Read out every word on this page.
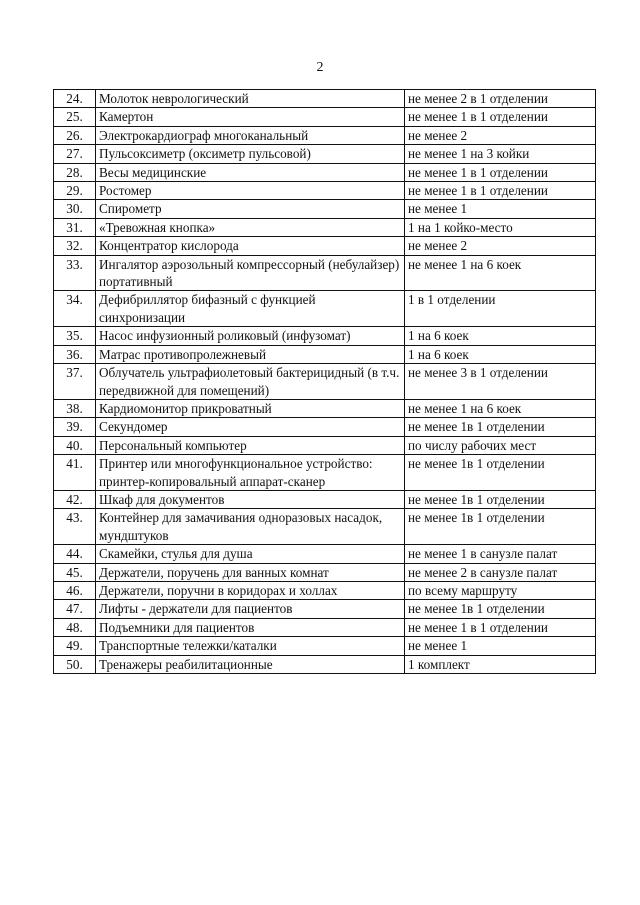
2
24.	Молоток неврологический	не менее 2 в 1 отделении
25.	Камертон	не менее 1 в 1 отделении
26.	Электрокардиограф многоканальный	не менее 2
27.	Пульсоксиметр (оксиметр пульсовой)	не менее 1 на 3 койки
28.	Весы медицинские	не менее 1 в 1 отделении
29.	Ростомер	не менее 1 в 1 отделении
30.	Спирометр	не менее 1
31.	«Тревожная кнопка»	1 на 1 койко-место
32.	Концентратор кислорода	не менее 2
33.	Ингалятор аэрозольный компрессорный (небулайзер) портативный	не менее 1 на 6 коек
34.	Дефибриллятор бифазный с функцией синхронизации	1 в 1 отделении
35.	Насос инфузионный роликовый (инфузомат)	1 на 6 коек
36.	Матрас противопролежневый	1 на 6 коек
37.	Облучатель ультрафиолетовый бактерицидный (в т.ч. передвижной для помещений)	не менее 3 в 1 отделении
38.	Кардиомонитор прикроватный	не менее 1 на 6 коек
39.	Секундомер	не менее 1в 1 отделении
40.	Персональный компьютер	по числу рабочих мест
41.	Принтер или многофункциональное устройство: принтер-копировальный аппарат-сканер	не менее 1в 1 отделении
42.	Шкаф для документов	не менее 1в 1 отделении
43.	Контейнер для замачивания одноразовых насадок, мундштуков	не менее 1в 1 отделении
44.	Скамейки, стулья для душа	не менее 1 в санузле палат
45.	Держатели, поручень для ванных комнат	не менее 2 в санузле палат
46.	Держатели, поручни в коридорах и холлах	по всему маршруту
47.	Лифты - держатели для пациентов	не менее 1в 1 отделении
48.	Подъемники для пациентов	не менее 1 в 1 отделении
49.	Транспортные тележки/каталки	не менее 1
50.	Тренажеры реабилитационные	1 комплект
